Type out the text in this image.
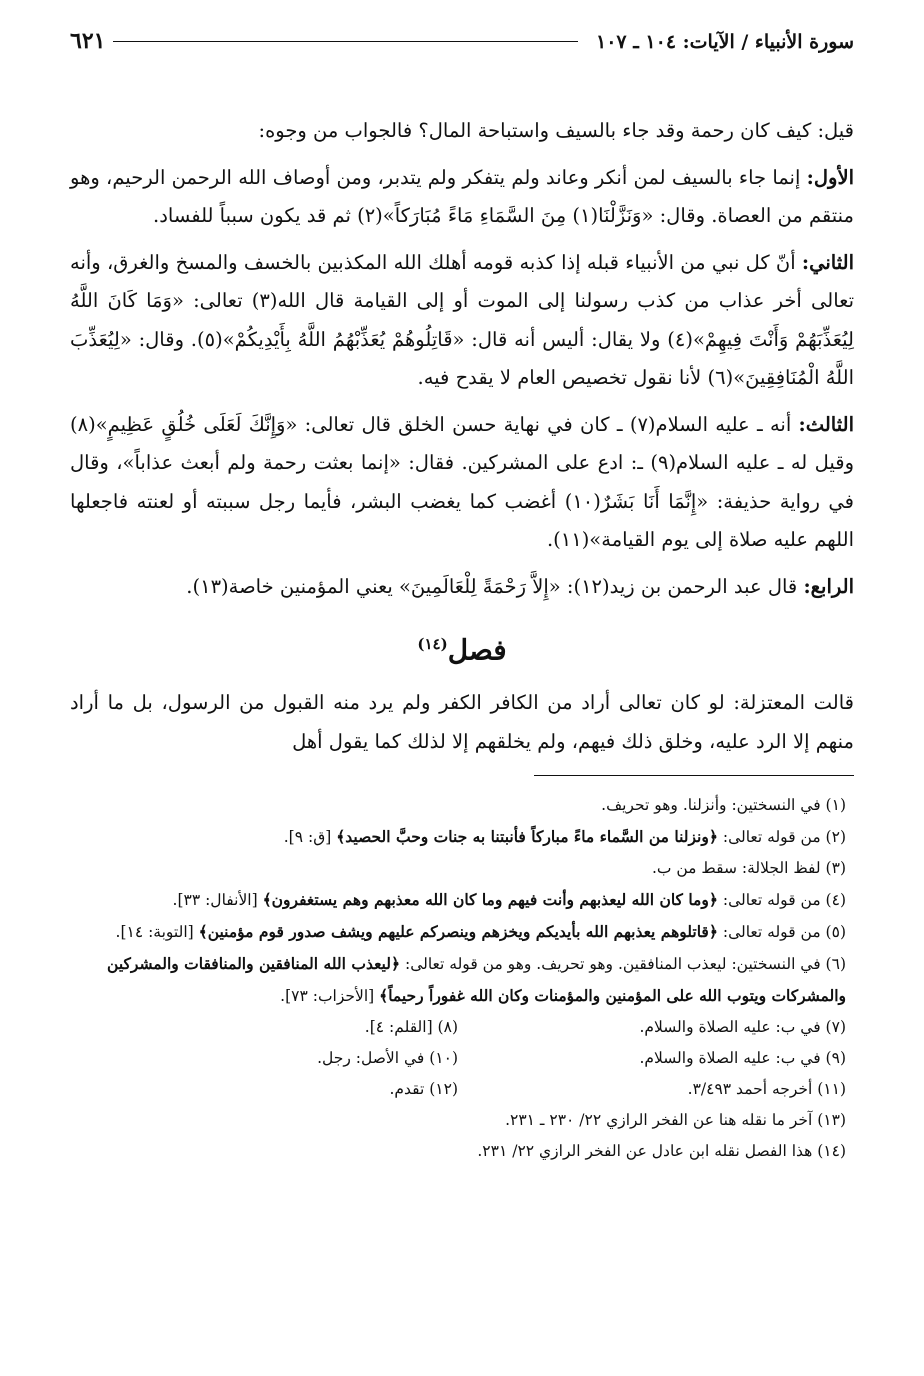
سورة الأنبياء / الآيات: ١٠٤ ـ ١٠٧
٦٢١

قيل: كيف كان رحمة وقد جاء بالسيف واستباحة المال؟ فالجواب من وجوه:

الأول: إنما جاء بالسيف لمن أنكر وعاند ولم يتفكر ولم يتدبر، ومن أوصاف الله الرحمن الرحيم، وهو منتقم من العصاة. وقال: «وَنَزَّلْنَا(١) مِنَ السَّمَاءِ مَاءً مُبَارَكاً»(٢) ثم قد يكون سبباً للفساد.

الثاني: أنّ كل نبي من الأنبياء قبله إذا كذبه قومه أهلك الله المكذبين بالخسف والمسخ والغرق، وأنه تعالى أخر عذاب من كذب رسولنا إلى الموت أو إلى القيامة قال الله(٣) تعالى: «وَمَا كَانَ اللَّهُ لِيُعَذِّبَهُمْ وَأَنْتَ فِيهِمْ»(٤) ولا يقال: أليس أنه قال: «قَاتِلُوهُمْ يُعَذِّبْهُمُ اللَّهُ بِأَيْدِيكُمْ»(٥). وقال: «لِيُعَذِّبَ اللَّهُ الْمُنَافِقِينَ»(٦) لأنا نقول تخصيص العام لا يقدح فيه.

الثالث: أنه ـ عليه السلام(٧) ـ كان في نهاية حسن الخلق قال تعالى: «وَإِنَّكَ لَعَلَى خُلُقٍ عَظِيمٍ»(٨) وقيل له ـ عليه السلام(٩) ـ: ادع على المشركين. فقال: «إنما بعثت رحمة ولم أبعث عذاباً»، وقال في رواية حذيفة: «إِنَّمَا أَنَا بَشَرٌ(١٠) أغضب كما يغضب البشر، فأيما رجل سببته أو لعنته فاجعلها اللهم عليه صلاة إلى يوم القيامة»(١١).

الرابع: قال عبد الرحمن بن زيد(١٢): «إِلاَّ رَحْمَةً لِلْعَالَمِينَ» يعني المؤمنين خاصة(١٣).

فصل$^{(١٤)}$

قالت المعتزلة: لو كان تعالى أراد من الكافر الكفر ولم يرد منه القبول من الرسول، بل ما أراد منهم إلا الرد عليه، وخلق ذلك فيهم، ولم يخلقهم إلا لذلك كما يقول أهل

(١) في النسختين: وأنزلنا. وهو تحريف.

(٢) من قوله تعالى: ﴿ونزلنا من السَّماء ماءً مباركاً فأنبتنا به جنات وحبَّ الحصيد﴾ [ق: ٩].

(٣) لفظ الجلالة: سقط من ب.

(٤) من قوله تعالى: ﴿وما كان الله ليعذبهم وأنت فيهم وما كان الله معذبهم وهم يستغفرون﴾ [الأنفال: ٣٣].

(٥) من قوله تعالى: ﴿قاتلوهم يعذبهم الله بأيديكم ويخزهم وينصركم عليهم ويشف صدور قوم مؤمنين﴾ [التوبة: ١٤].

(٦) في النسختين: ليعذب المنافقين. وهو تحريف. وهو من قوله تعالى: ﴿ليعذب الله المنافقين والمنافقات والمشركين والمشركات ويتوب الله على المؤمنين والمؤمنات وكان الله غفوراً رحيماً﴾ [الأحزاب: ٧٣].

(٧) في ب: عليه الصلاة والسلام.

(٨) [القلم: ٤].

(٩) في ب: عليه الصلاة والسلام.

(١٠) في الأصل: رجل.

(١١) أخرجه أحمد ٣/٤٩٣.

(١٢) تقدم.

(١٣) آخر ما نقله هنا عن الفخر الرازي ٢٢/ ٢٣٠ ـ ٢٣١.

(١٤) هذا الفصل نقله ابن عادل عن الفخر الرازي ٢٢/ ٢٣١.
